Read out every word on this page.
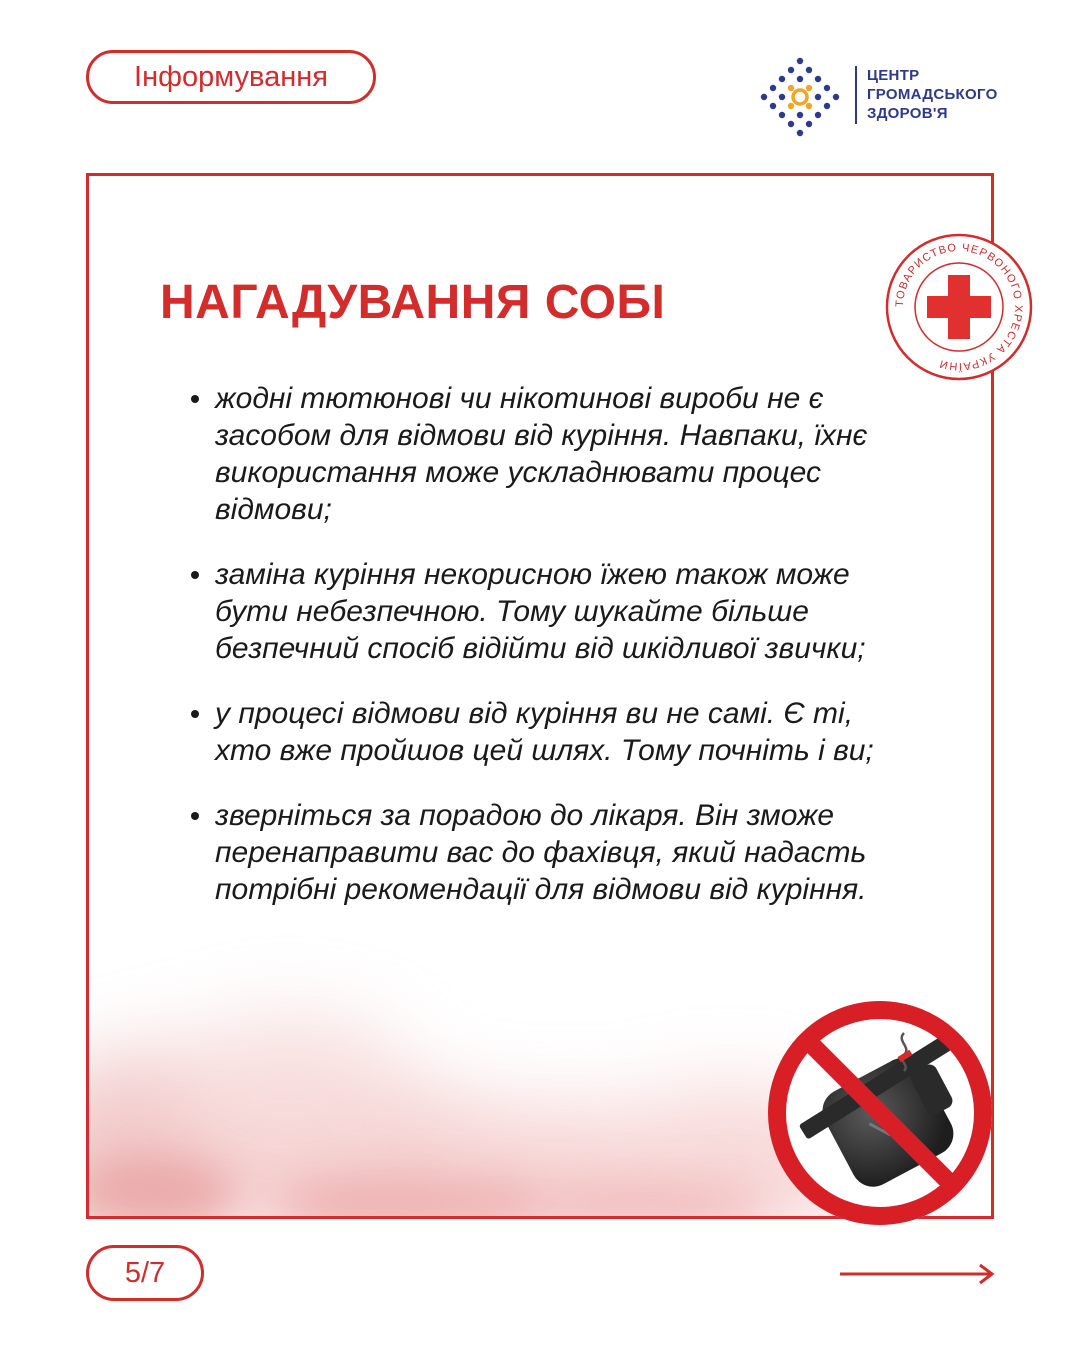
Інформування	ЦЕНТР
ГРОМАДСЬКОГО
ЗДОРОВ'Я
НАГАДУВАННЯ СОБІ
жодні тютюнові чи нікотинові вироби не є засобом для відмови від куріння. Навпаки, їхнє використання може ускладнювати процес відмови;
заміна куріння некорисною їжею також може бути небезпечною. Тому шукайте більше безпечний спосіб відійти від шкідливої звички;
у процесі відмови від куріння ви не самі. Є ті, хто вже пройшов цей шлях. Тому почніть і ви;
зверніться за порадою до лікаря. Він зможе перенаправити вас до фахівця, який надасть потрібні рекомендації для відмови від куріння.
ТОВАРИСТВО ЧЕРВОНОГО ХРЕСТА УКРАЇНИ
5/7
